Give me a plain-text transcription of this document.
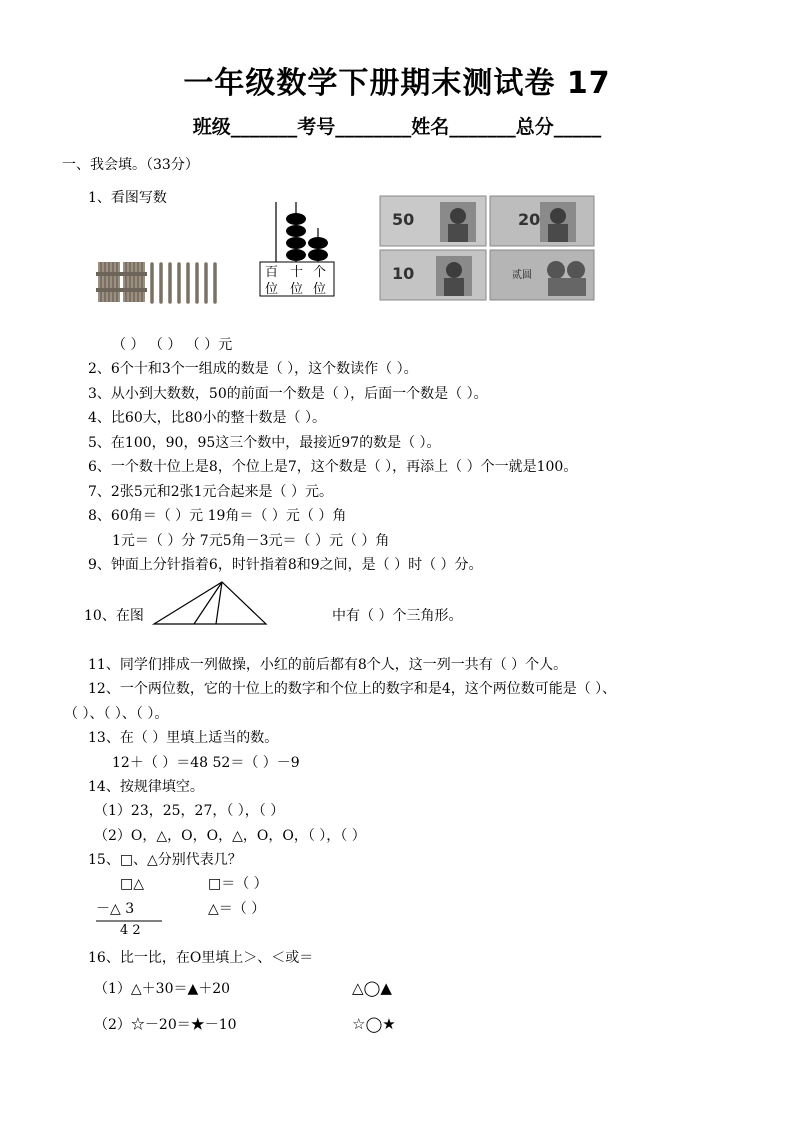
一年级数学下册期末测试卷 17
班级_______考号________姓名_______总分_____
一、我会填。（33分）
1、看图写数
百 十 个
位 位 位
50	20
10	贰圆
（ ） （ ） （ ）元
2、6个十和3个一组成的数是（ ），这个数读作（ ）。
3、从小到大数数，50的前面一个数是（ ），后面一个数是（ ）。
4、比60大，比80小的整十数是（ ）。
5、在100，90，95这三个数中，最接近97的数是（ ）。
6、一个数十位上是8，个位上是7，这个数是（ ），再添上（ ）个一就是100。
7、2张5元和2张1元合起来是（ ）元。
8、60角＝（ ）元 19角＝（ ）元（ ）角
1元＝（ ）分 7元5角－3元＝（ ）元（ ）角
9、钟面上分针指着6，时针指着8和9之间，是（ ）时（ ）分。
10、在图	中有（ ）个三角形。
11、同学们排成一列做操，小红的前后都有8个人，这一列一共有（ ）个人。
12、一个两位数，它的十位上的数字和个位上的数字和是4，这个两位数可能是（ ）、
（ ）、（ ）、（ ）。
13、在（ ）里填上适当的数。
12＋（ ）＝48 52＝（ ）－9
14、按规律填空。
（1）23，25，27，（ ），（ ）
（2）O，△，O，O，△，O，O，（ ），（ ）
15、□、△分别代表几？
□△
－△ 3
4 2
□＝（ ）
△＝（ ）
16、比一比，在O里填上＞、＜或＝
（1）△＋30＝▲＋20	△◯▲
（2）☆－20＝★－10	☆◯★
